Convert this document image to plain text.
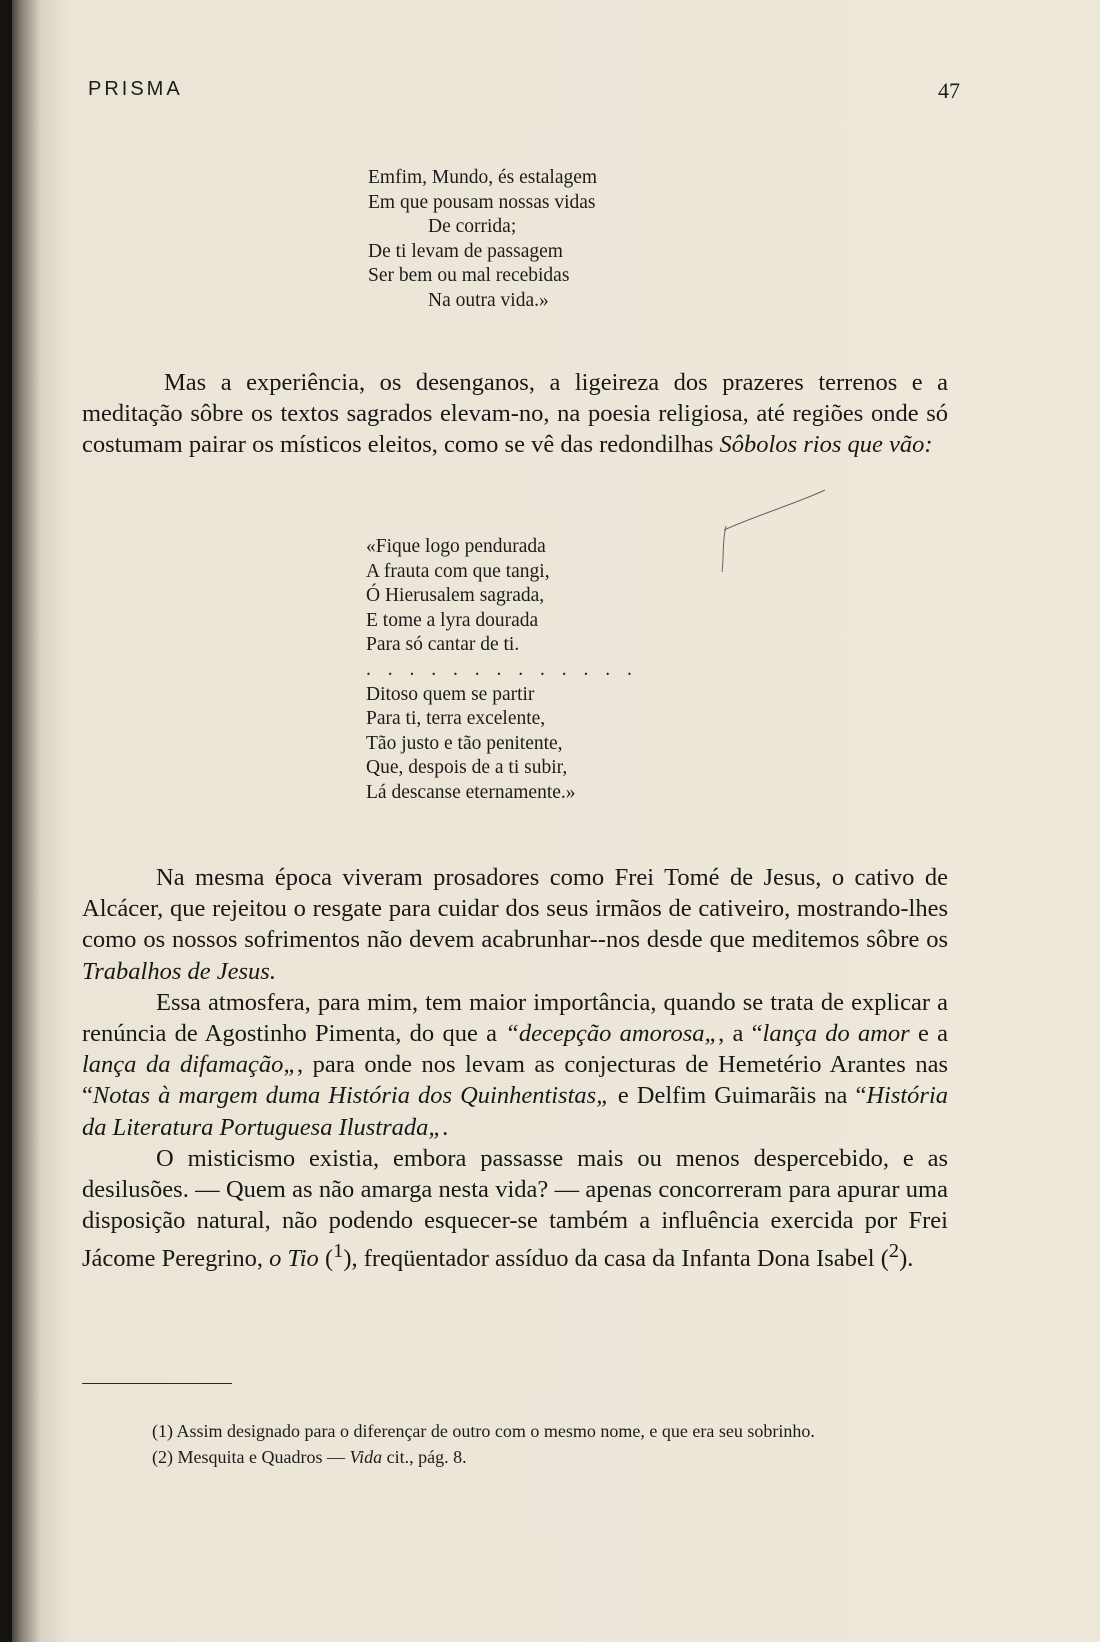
PRISMA	47
Emfim, Mundo, és estalagem
Em que pousam nossas vidas
De corrida;
De ti levam de passagem
Ser bem ou mal recebidas
Na outra vida.»

Mas a experiência, os desenganos, a ligeireza dos prazeres terrenos e a meditação sôbre os textos sagrados elevam-no, na poesia religiosa, até regiões onde só costumam pairar os místicos eleitos, como se vê das redondilhas Sôbolos rios que vão:

«Fique logo pendurada
A frauta com que tangi,
Ó Hierusalem sagrada,
E tome a lyra dourada
Para só cantar de ti.
. . . . . . . . . . . . .
Ditoso quem se partir
Para ti, terra excelente,
Tão justo e tão penitente,
Que, despois de a ti subir,
Lá descanse eternamente.»

Na mesma época viveram prosadores como Frei Tomé de Jesus, o cativo de Alcácer, que rejeitou o resgate para cuidar dos seus irmãos de cativeiro, mostrando-lhes como os nossos sofrimentos não devem acabrunhar--nos desde que meditemos sôbre os Trabalhos de Jesus.

Essa atmosfera, para mim, tem maior importância, quando se trata de explicar a renúncia de Agostinho Pimenta, do que a “decepção amorosa„, a “lança do amor e a lança da difamação„, para onde nos levam as conjecturas de Hemetério Arantes nas “Notas à margem duma História dos Quinhentistas„ e Delfim Guimarãis na “História da Literatura Portuguesa Ilustrada„.

O misticismo existia, embora passasse mais ou menos despercebido, e as desilusões. — Quem as não amarga nesta vida? — apenas concorreram para apurar uma disposição natural, não podendo esquecer-se também a influência exercida por Frei Jácome Peregrino, o Tio ($^1$), freqüentador assíduo da casa da Infanta Dona Isabel ($^2$).

(1) Assim designado para o diferençar de outro com o mesmo nome, e que era seu sobrinho.

(2) Mesquita e Quadros — Vida cit., pág. 8.
